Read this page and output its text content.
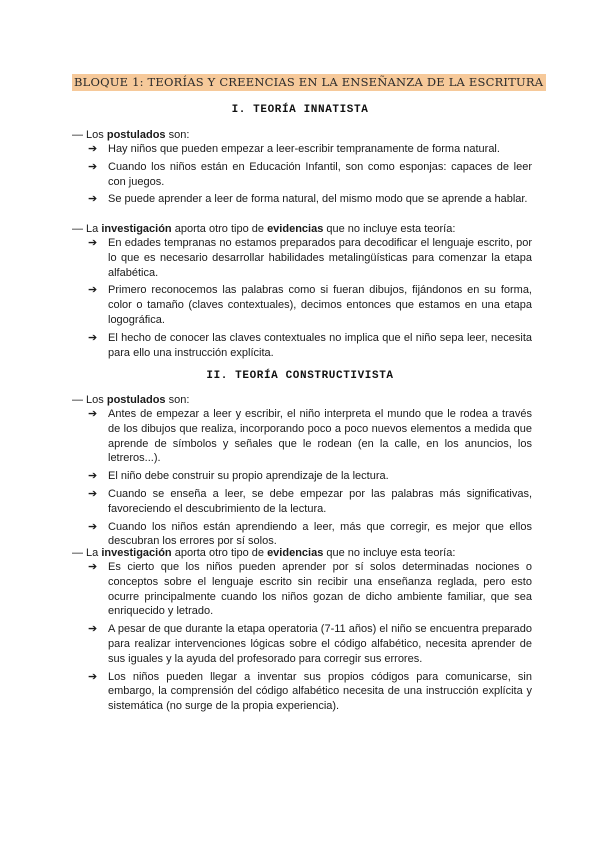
BLOQUE 1: TEORÍAS Y CREENCIAS EN LA ENSEÑANZA DE LA ESCRITURA
I. TEORÍA INNATISTA
— Los postulados son:
➔ Hay niños que pueden empezar a leer-escribir tempranamente de forma natural.
➔ Cuando los niños están en Educación Infantil, son como esponjas: capaces de leer con juegos.
➔ Se puede aprender a leer de forma natural, del mismo modo que se aprende a hablar.
— La investigación aporta otro tipo de evidencias que no incluye esta teoría:
➔ En edades tempranas no estamos preparados para decodificar el lenguaje escrito, por lo que es necesario desarrollar habilidades metalingüísticas para comenzar la etapa alfabética.
➔ Primero reconocemos las palabras como si fueran dibujos, fijándonos en su forma, color o tamaño (claves contextuales), decimos entonces que estamos en una etapa logográfica.
➔ El hecho de conocer las claves contextuales no implica que el niño sepa leer, necesita para ello una instrucción explícita.
II. TEORÍA CONSTRUCTIVISTA
— Los postulados son:
➔ Antes de empezar a leer y escribir, el niño interpreta el mundo que le rodea a través de los dibujos que realiza, incorporando poco a poco nuevos elementos a medida que aprende de símbolos y señales que le rodean (en la calle, en los anuncios, los letreros...).
➔ El niño debe construir su propio aprendizaje de la lectura.
➔ Cuando se enseña a leer, se debe empezar por las palabras más significativas, favoreciendo el descubrimiento de la lectura.
➔ Cuando los niños están aprendiendo a leer, más que corregir, es mejor que ellos descubran los errores por sí solos.
— La investigación aporta otro tipo de evidencias que no incluye esta teoría:
➔ Es cierto que los niños pueden aprender por sí solos determinadas nociones o conceptos sobre el lenguaje escrito sin recibir una enseñanza reglada, pero esto ocurre principalmente cuando los niños gozan de dicho ambiente familiar, que sea enriquecido y letrado.
➔ A pesar de que durante la etapa operatoria (7-11 años) el niño se encuentra preparado para realizar intervenciones lógicas sobre el código alfabético, necesita aprender de sus iguales y la ayuda del profesorado para corregir sus errores.
➔ Los niños pueden llegar a inventar sus propios códigos para comunicarse, sin embargo, la comprensión del código alfabético necesita de una instrucción explícita y sistemática (no surge de la propia experiencia).
